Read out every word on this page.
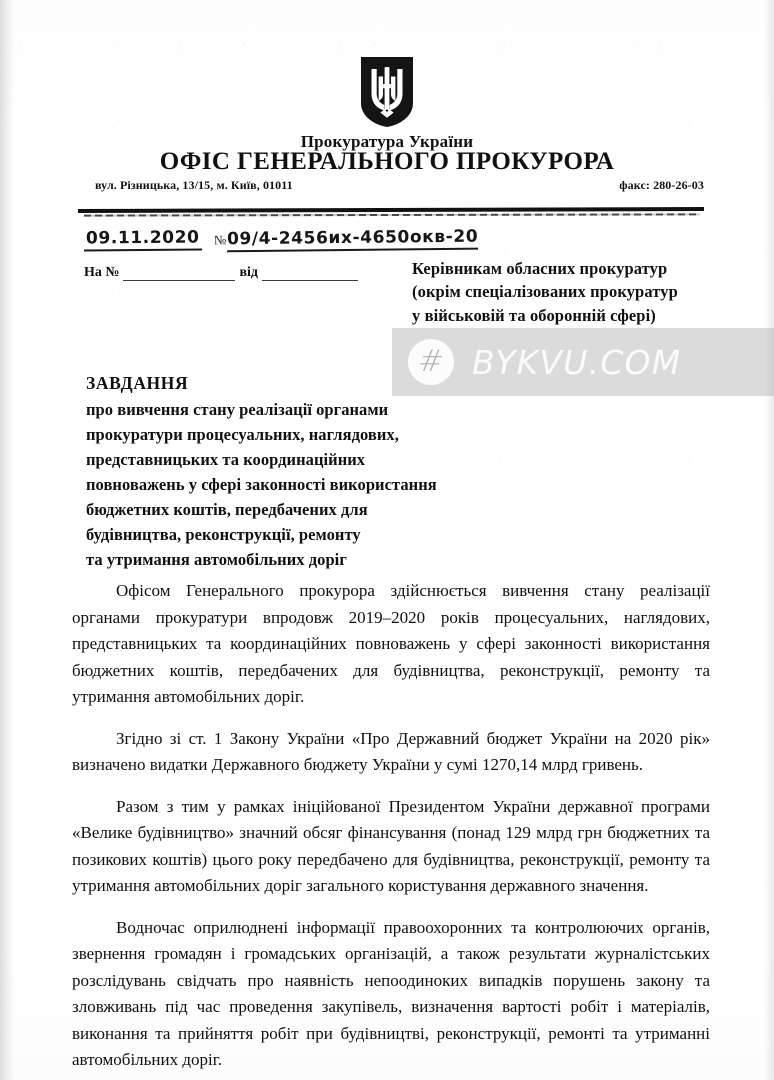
Прокуратура України
ОФІС ГЕНЕРАЛЬНОГО ПРОКУРОРА
вул. Різницька, 13/15, м. Київ, 01011	факс: 280-26-03
09.11.2020 №09/4-2456их-4650окв-20
На №	від	Керівникам обласних прокуратур
(окрім спеціалізованих прокуратур
у військовій та оборонній сфері)
# BYKVU.COM
ЗАВДАННЯ
про вивчення стану реалізації органами
прокуратури процесуальних, наглядових,
представницьких та координаційних
повноважень у сфері законності використання
бюджетних коштів, передбачених для
будівництва, реконструкції, ремонту
та утримання автомобільних доріг

Офісом Генерального прокурора здійснюється вивчення стану реалізації органами прокуратури впродовж 2019–2020 років процесуальних, наглядових, представницьких та координаційних повноважень у сфері законності використання бюджетних коштів, передбачених для будівництва, реконструкції, ремонту та утримання автомобільних доріг.

Згідно зі ст. 1 Закону України «Про Державний бюджет України на 2020 рік» визначено видатки Державного бюджету України у сумі 1270,14 млрд гривень.

Разом з тим у рамках ініційованої Президентом України державної програми «Велике будівництво» значний обсяг фінансування (понад 129 млрд грн бюджетних та позикових коштів) цього року передбачено для будівництва, реконструкції, ремонту та утримання автомобільних доріг загального користування державного значення.

Водночас оприлюднені інформації правоохоронних та контролюючих органів, звернення громадян і громадських організацій, а також результати журналістських розслідувань свідчать про наявність непоодиноких випадків порушень закону та зловживань під час проведення закупівель, визначення вартості робіт і матеріалів, виконання та прийняття робіт при будівництві, реконструкції, ремонті та утриманні автомобільних доріг.
